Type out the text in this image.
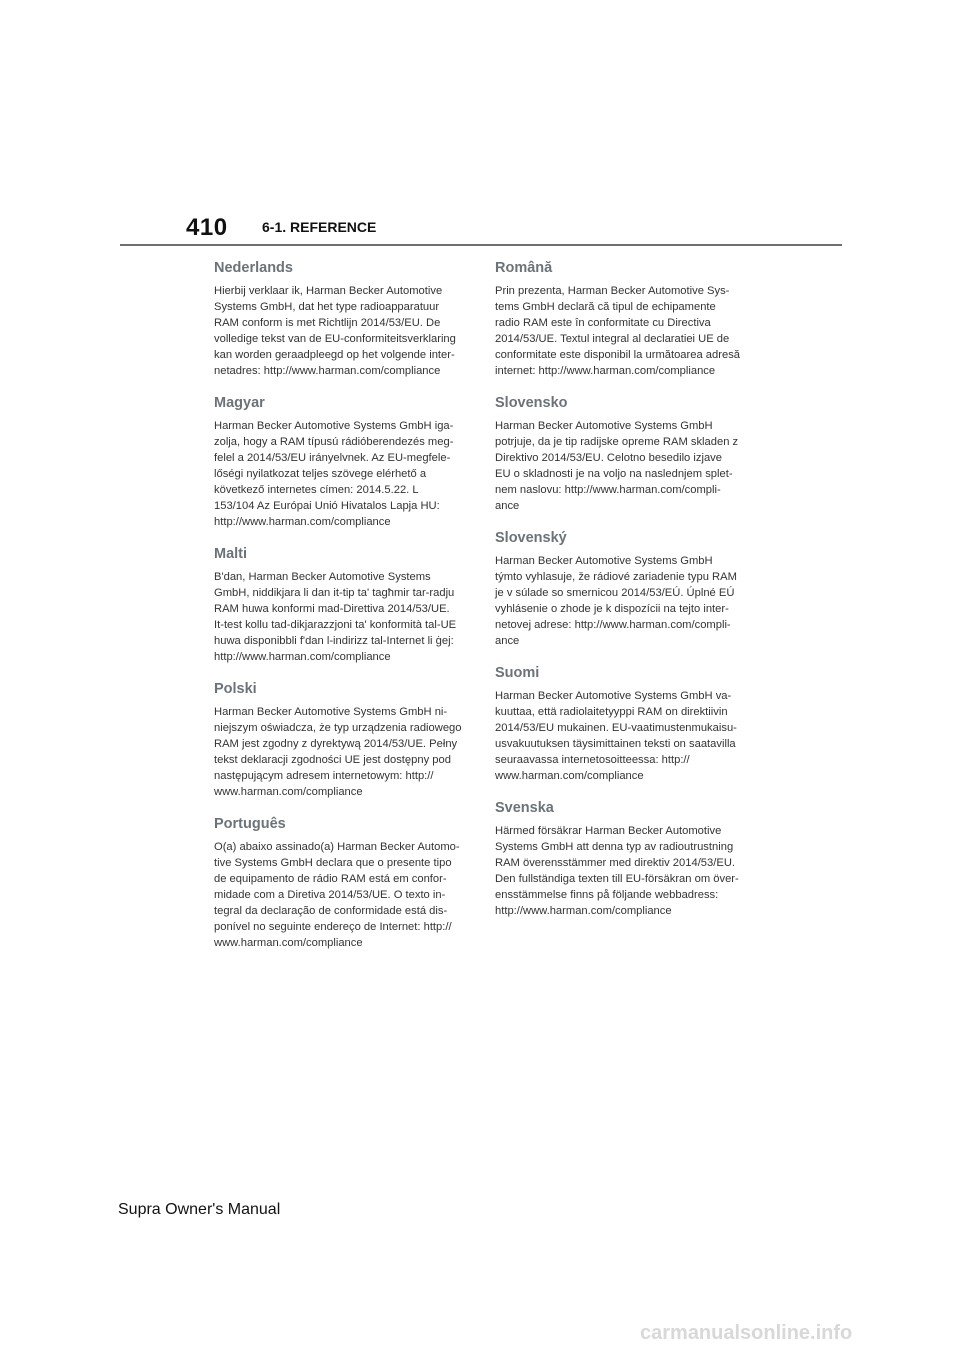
410 6-1. REFERENCE
Nederlands

Hierbij verklaar ik, Harman Becker Automotive
Systems GmbH, dat het type radioapparatuur
RAM conform is met Richtlijn 2014/53/EU. De
volledige tekst van de EU-conformiteitsverklaring
kan worden geraadpleegd op het volgende inter-
netadres: http://www.harman.com/compliance

Magyar

Harman Becker Automotive Systems GmbH iga-
zolja, hogy a RAM típusú rádióberendezés meg-
felel a 2014/53/EU irányelvnek. Az EU-megfele-
lőségi nyilatkozat teljes szövege elérhető a
következő internetes címen: 2014.5.22. L
153/104 Az Európai Unió Hivatalos Lapja HU:
http://www.harman.com/compliance

Malti

B'dan, Harman Becker Automotive Systems
GmbH, niddikjara li dan it-tip ta' tagħmir tar-radju
RAM huwa konformi mad-Direttiva 2014/53/UE.
It-test kollu tad-dikjarazzjoni ta' konformità tal-UE
huwa disponibbli f'dan l-indirizz tal-Internet li ġej:
http://www.harman.com/compliance

Polski

Harman Becker Automotive Systems GmbH ni-
niejszym oświadcza, że typ urządzenia radiowego
RAM jest zgodny z dyrektywą 2014/53/UE. Pełny
tekst deklaracji zgodności UE jest dostępny pod
następującym adresem internetowym: http://
www.harman.com/compliance

Português

O(a) abaixo assinado(a) Harman Becker Automo-
tive Systems GmbH declara que o presente tipo
de equipamento de rádio RAM está em confor-
midade com a Diretiva 2014/53/UE. O texto in-
tegral da declaração de conformidade está dis-
ponível no seguinte endereço de Internet: http://
www.harman.com/compliance

Română

Prin prezenta, Harman Becker Automotive Sys-
tems GmbH declară că tipul de echipamente
radio RAM este în conformitate cu Directiva
2014/53/UE. Textul integral al declaratiei UE de
conformitate este disponibil la următoarea adresă
internet: http://www.harman.com/compliance

Slovensko

Harman Becker Automotive Systems GmbH
potrjuje, da je tip radijske opreme RAM skladen z
Direktivo 2014/53/EU. Celotno besedilo izjave
EU o skladnosti je na voljo na naslednjem splet-
nem naslovu: http://www.harman.com/compli-
ance

Slovenský

Harman Becker Automotive Systems GmbH
týmto vyhlasuje, že rádiové zariadenie typu RAM
je v súlade so smernicou 2014/53/EÚ. Úplné EÚ
vyhlásenie o zhode je k dispozícii na tejto inter-
netovej adrese: http://www.harman.com/compli-
ance

Suomi

Harman Becker Automotive Systems GmbH va-
kuuttaa, että radiolaitetyyppi RAM on direktiivin
2014/53/EU mukainen. EU-vaatimustenmukaisu-
usvakuutuksen täysimittainen teksti on saatavilla
seuraavassa internetosoitteessa: http://
www.harman.com/compliance

Svenska

Härmed försäkrar Harman Becker Automotive
Systems GmbH att denna typ av radioutrustning
RAM överensstämmer med direktiv 2014/53/EU.
Den fullständiga texten till EU-försäkran om över-
ensstämmelse finns på följande webbadress:
http://www.harman.com/compliance

Supra Owner's Manual
carmanualsonline.info
